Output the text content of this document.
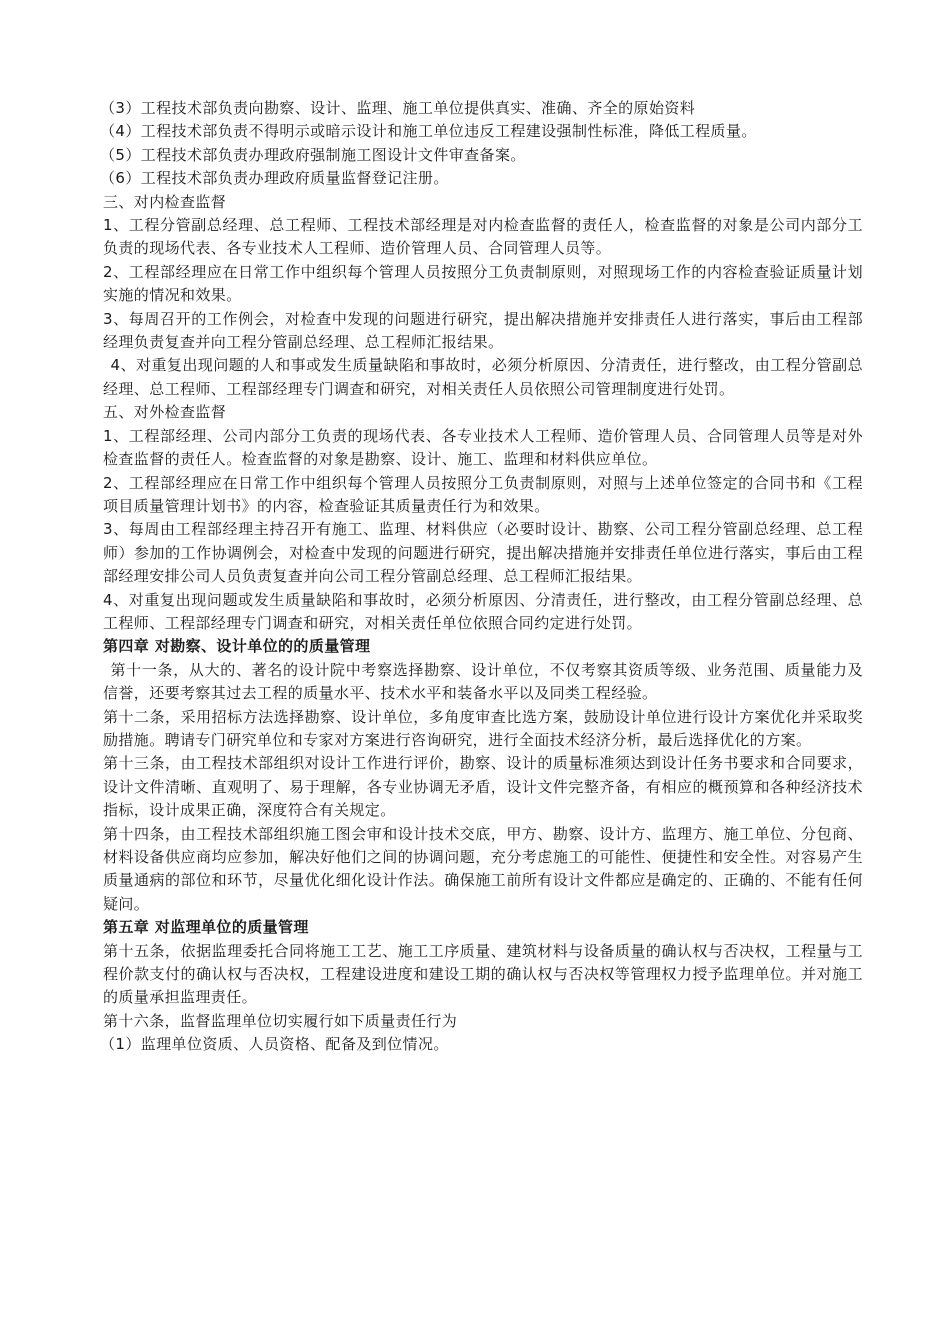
（3）工程技术部负责向勘察、设计、监理、施工单位提供真实、准确、齐全的原始资料

（4）工程技术部负责不得明示或暗示设计和施工单位违反工程建设强制性标准，降低工程质量。

（5）工程技术部负责办理政府强制施工图设计文件审查备案。

（6）工程技术部负责办理政府质量监督登记注册。

三、对内检查监督

1、工程分管副总经理、总工程师、工程技术部经理是对内检查监督的责任人，检查监督的对象是公司内部分工负责的现场代表、各专业技术人工程师、造价管理人员、合同管理人员等。

2、工程部经理应在日常工作中组织每个管理人员按照分工负责制原则，对照现场工作的内容检查验证质量计划实施的情况和效果。

3、每周召开的工作例会，对检查中发现的问题进行研究，提出解决措施并安排责任人进行落实，事后由工程部经理负责复查并向工程分管副总经理、总工程师汇报结果。

4、对重复出现问题的人和事或发生质量缺陷和事故时，必须分析原因、分清责任，进行整改，由工程分管副总经理、总工程师、工程部经理专门调查和研究，对相关责任人员依照公司管理制度进行处罚。

五、对外检查监督

1、工程部经理、公司内部分工负责的现场代表、各专业技术人工程师、造价管理人员、合同管理人员等是对外检查监督的责任人。检查监督的对象是勘察、设计、施工、监理和材料供应单位。

2、工程部经理应在日常工作中组织每个管理人员按照分工负责制原则，对照与上述单位签定的合同书和《工程项目质量管理计划书》的内容，检查验证其质量责任行为和效果。

3、每周由工程部经理主持召开有施工、监理、材料供应（必要时设计、勘察、公司工程分管副总经理、总工程师）参加的工作协调例会，对检查中发现的问题进行研究，提出解决措施并安排责任单位进行落实，事后由工程部经理安排公司人员负责复查并向公司工程分管副总经理、总工程师汇报结果。

4、对重复出现问题或发生质量缺陷和事故时，必须分析原因、分清责任，进行整改，由工程分管副总经理、总工程师、工程部经理专门调查和研究，对相关责任单位依照合同约定进行处罚。

第四章 对勘察、设计单位的的质量管理

第十一条，从大的、著名的设计院中考察选择勘察、设计单位，不仅考察其资质等级、业务范围、质量能力及信誉，还要考察其过去工程的质量水平、技术水平和装备水平以及同类工程经验。

第十二条，采用招标方法选择勘察、设计单位，多角度审查比选方案，鼓励设计单位进行设计方案优化并采取奖励措施。聘请专门研究单位和专家对方案进行咨询研究，进行全面技术经济分析，最后选择优化的方案。

第十三条，由工程技术部组织对设计工作进行评价，勘察、设计的质量标准须达到设计任务书要求和合同要求，设计文件清晰、直观明了、易于理解，各专业协调无矛盾，设计文件完整齐备，有相应的概预算和各种经济技术指标，设计成果正确，深度符合有关规定。

第十四条，由工程技术部组织施工图会审和设计技术交底，甲方、勘察、设计方、监理方、施工单位、分包商、材料设备供应商均应参加，解决好他们之间的协调问题，充分考虑施工的可能性、便捷性和安全性。对容易产生质量通病的部位和环节，尽量优化细化设计作法。确保施工前所有设计文件都应是确定的、正确的、不能有任何疑问。

第五章 对监理单位的质量管理

第十五条，依据监理委托合同将施工工艺、施工工序质量、建筑材料与设备质量的确认权与否决权，工程量与工程价款支付的确认权与否决权，工程建设进度和建设工期的确认权与否决权等管理权力授予监理单位。并对施工的质量承担监理责任。

第十六条，监督监理单位切实履行如下质量责任行为

（1）监理单位资质、人员资格、配备及到位情况。
